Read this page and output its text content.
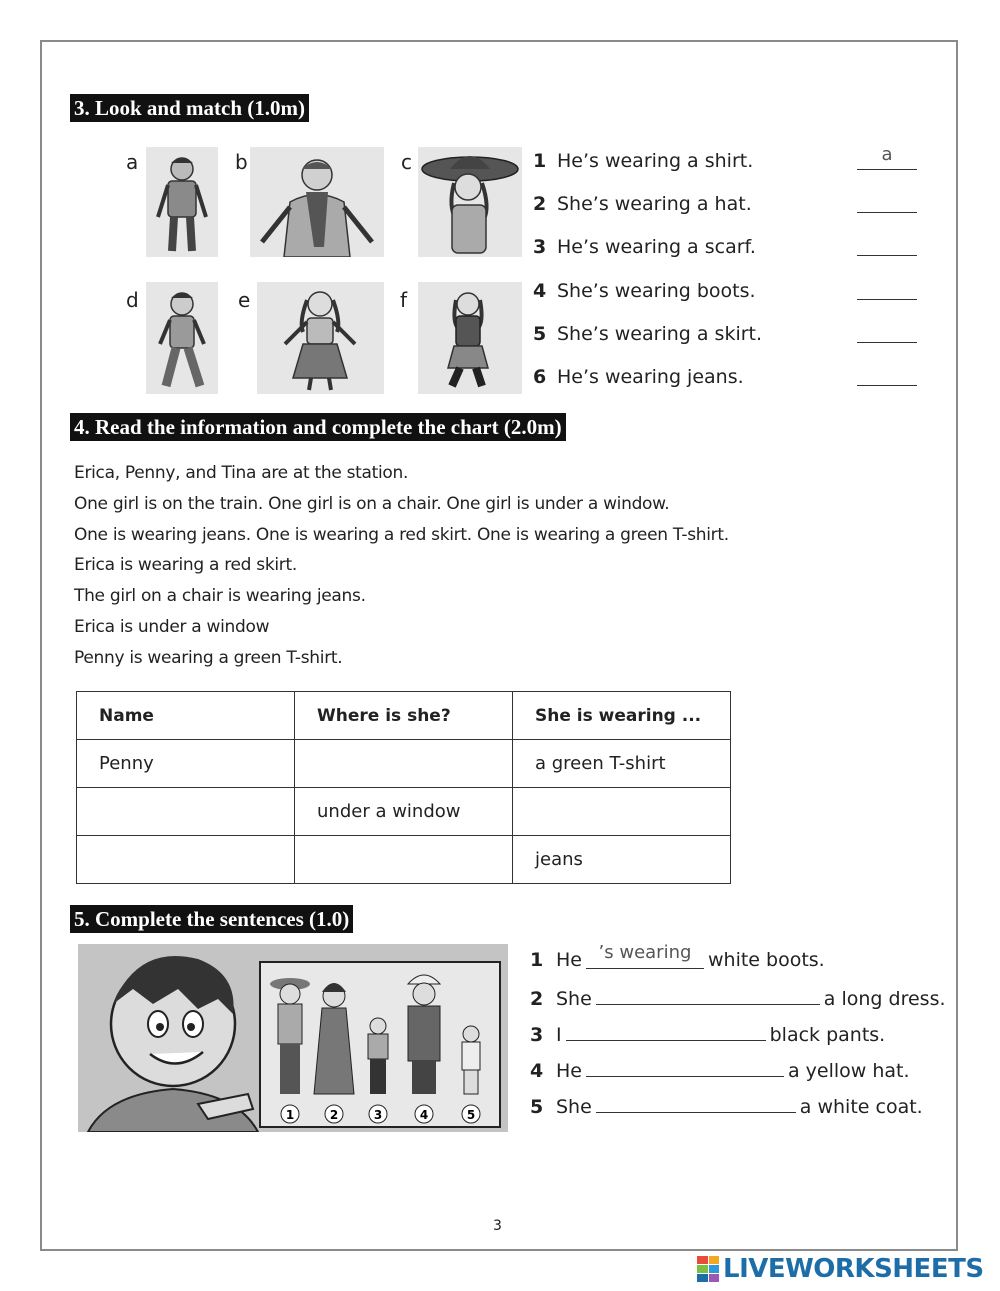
3. Look and match (1.0m)
a	b	c
d	e	f
1 He’s wearing a shirt.	a
2 She’s wearing a hat.
3 He’s wearing a scarf.
4 She’s wearing boots.
5 She’s wearing a skirt.
6 He’s wearing jeans.
4. Read the information and complete the chart (2.0m)
Erica, Penny, and Tina are at the station.
One girl is on the train. One girl is on a chair. One girl is under a window.
One is wearing jeans. One is wearing a red skirt. One is wearing a green T-shirt.
Erica is wearing a red skirt.
The girl on a chair is wearing jeans.
Erica is under a window
Penny is wearing a green T-shirt.
Name	Where is she?	She is wearing ...
Penny		a green T-shirt
	under a window	
		jeans
5. Complete the sentences (1.0)
1	2	3	4	5
1 He ’s wearing white boots.
2 She	a long dress.
3 I	black pants.
4 He	a yellow hat.
5 She	a white coat.
3
LIVEWORKSHEETS
